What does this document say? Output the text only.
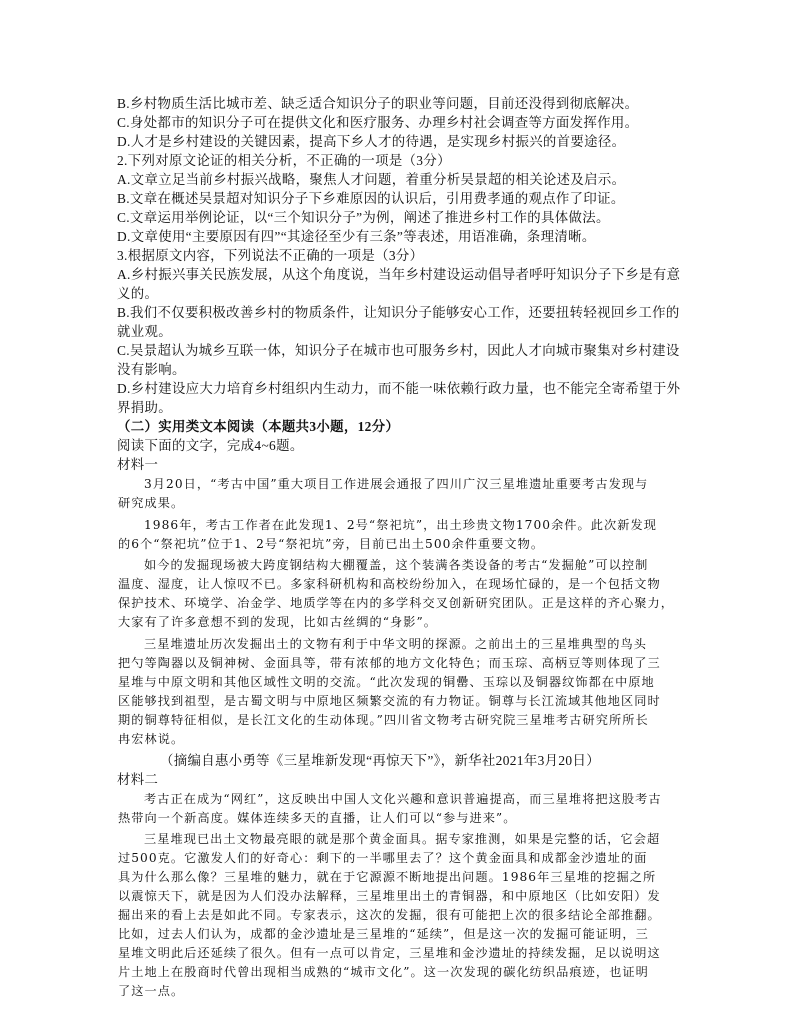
B.乡村物质生活比城市差、缺乏适合知识分子的职业等问题，目前还没得到彻底解决。
C.身处都市的知识分子可在提供文化和医疗服务、办理乡村社会调查等方面发挥作用。
D.人才是乡村建设的关键因素，提高下乡人才的待遇，是实现乡村振兴的首要途径。
2.下列对原文论证的相关分析，不正确的一项是（3分）
A.文章立足当前乡村振兴战略，聚焦人才问题，着重分析吴景超的相关论述及启示。
B.文章在概述吴景超对知识分子下乡难原因的认识后，引用费孝通的观点作了印证。
C.文章运用举例论证，以“三个知识分子”为例，阐述了推进乡村工作的具体做法。
D.文章使用“主要原因有四”“其途径至少有三条”等表述，用语准确，条理清晰。
3.根据原文内容，下列说法不正确的一项是（3分）
A.乡村振兴事关民族发展，从这个角度说，当年乡村建设运动倡导者呼吁知识分子下乡是有意
义的。
B.我们不仅要积极改善乡村的物质条件，让知识分子能够安心工作，还要扭转轻视回乡工作的
就业观。
C.吴景超认为城乡互联一体，知识分子在城市也可服务乡村，因此人才向城市聚集对乡村建设
没有影响。
D.乡村建设应大力培育乡村组织内生动力，而不能一味依赖行政力量，也不能完全寄希望于外
界捐助。
（二）实用类文本阅读（本题共3小题，12分）
阅读下面的文字，完成4~6题。
材料一
3月20日，“考古中国”重大项目工作进展会通报了四川广汉三星堆遗址重要考古发现与
研究成果。
1986年，考古工作者在此发现1、2号“祭祀坑”，出土珍贵文物1700余件。此次新发现
的6个“祭祀坑”位于1、2号“祭祀坑”旁，目前已出土500余件重要文物。
如今的发掘现场被大跨度钢结构大棚覆盖，这个装满各类设备的考古“发掘舱”可以控制
温度、湿度，让人惊叹不已。多家科研机构和高校纷纷加入，在现场忙碌的，是一个包括文物
保护技术、环境学、冶金学、地质学等在内的多学科交叉创新研究团队。正是这样的齐心聚力，
大家有了许多意想不到的发现，比如古丝绸的“身影”。
三星堆遗址历次发掘出土的文物有利于中华文明的探源。之前出土的三星堆典型的鸟头
把勺等陶器以及铜神树、金面具等，带有浓郁的地方文化特色；而玉琮、高柄豆等则体现了三
星堆与中原文明和其他区域性文明的交流。“此次发现的铜罍、玉琮以及铜器纹饰都在中原地
区能够找到祖型，是古蜀文明与中原地区频繁交流的有力物证。铜尊与长江流域其他地区同时
期的铜尊特征相似，是长江文化的生动体现。”四川省文物考古研究院三星堆考古研究所所长
冉宏林说。
（摘编自惠小勇等《三星堆新发现“再惊天下”》，新华社2021年3月20日）
材料二
考古正在成为“网红”，这反映出中国人文化兴趣和意识普遍提高，而三星堆将把这股考古
热带向一个新高度。媒体连续多天的直播，让人们可以“参与进来”。
三星堆现已出土文物最亮眼的就是那个黄金面具。据专家推测，如果是完整的话，它会超
过500克。它激发人们的好奇心：剩下的一半哪里去了？这个黄金面具和成都金沙遗址的面
具为什么那么像？三星堆的魅力，就在于它源源不断地提出问题。1986年三星堆的挖掘之所
以震惊天下，就是因为人们没办法解释，三星堆里出土的青铜器，和中原地区（比如安阳）发
掘出来的看上去是如此不同。专家表示，这次的发掘，很有可能把上次的很多结论全部推翻。
比如，过去人们认为，成都的金沙遗址是三星堆的“延续”，但是这一次的发掘可能证明，三
星堆文明此后还延续了很久。但有一点可以肯定，三星堆和金沙遗址的持续发掘，足以说明这
片土地上在殷商时代曾出现相当成熟的“城市文化”。这一次发现的碳化纺织品痕迹，也证明
了这一点。
